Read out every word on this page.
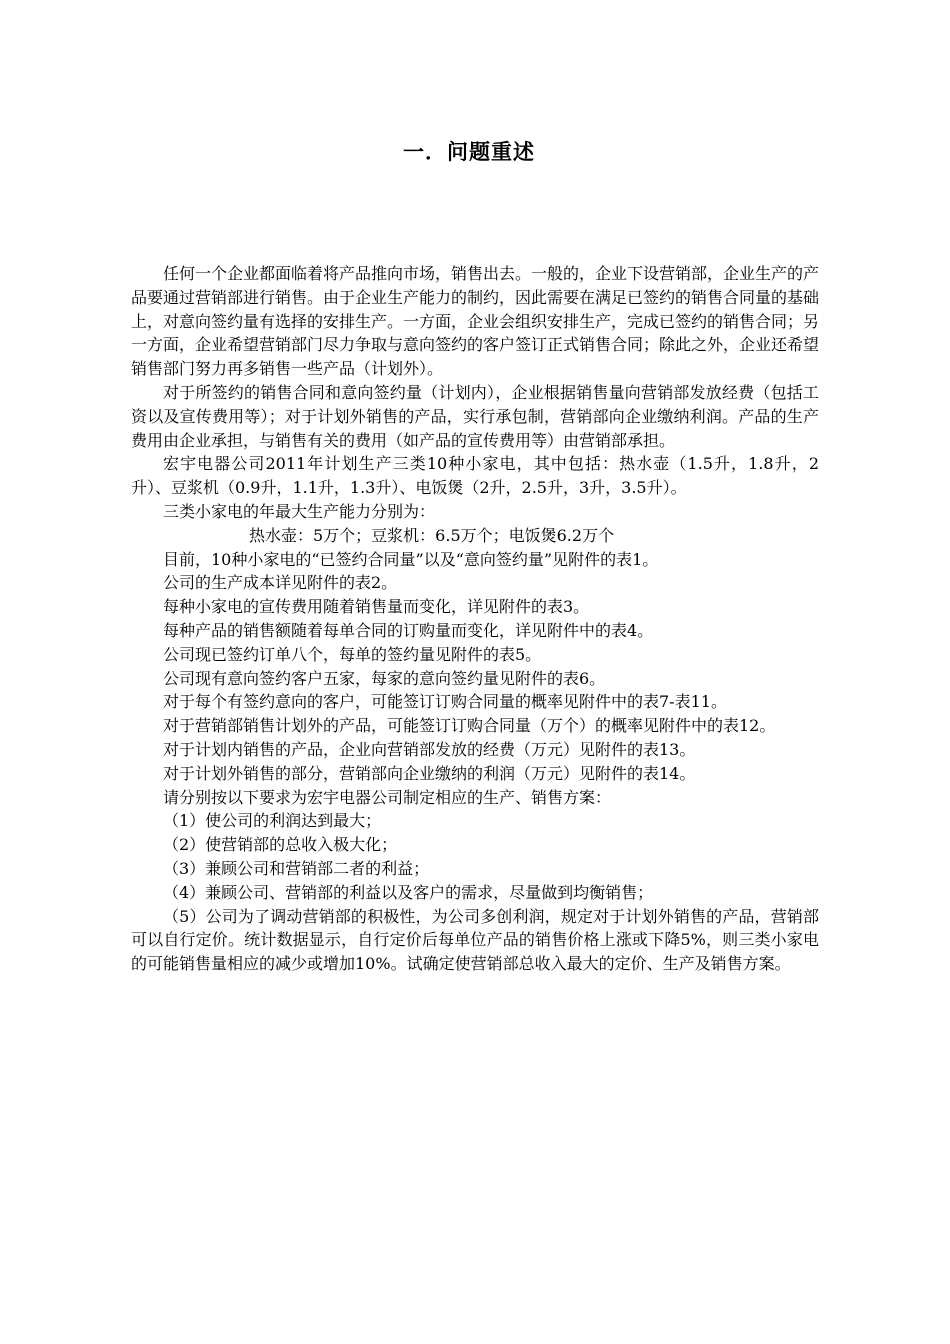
一．问题重述

任何一个企业都面临着将产品推向市场，销售出去。一般的，企业下设营销部，企业生产的产品要通过营销部进行销售。由于企业生产能力的制约，因此需要在满足已签约的销售合同量的基础上，对意向签约量有选择的安排生产。一方面，企业会组织安排生产，完成已签约的销售合同；另一方面，企业希望营销部门尽力争取与意向签约的客户签订正式销售合同；除此之外，企业还希望销售部门努力再多销售一些产品（计划外）。

对于所签约的销售合同和意向签约量（计划内），企业根据销售量向营销部发放经费（包括工资以及宣传费用等）；对于计划外销售的产品，实行承包制，营销部向企业缴纳利润。产品的生产费用由企业承担，与销售有关的费用（如产品的宣传费用等）由营销部承担。

宏宇电器公司2011年计划生产三类10种小家电，其中包括：热水壶（1.5升，1.8升，2升）、豆浆机（0.9升，1.1升，1.3升）、电饭煲（2升，2.5升，3升，3.5升）。

三类小家电的年最大生产能力分别为：

热水壶：5万个；豆浆机：6.5万个；电饭煲6.2万个

目前，10种小家电的“已签约合同量”以及“意向签约量”见附件的表1。

公司的生产成本详见附件的表2。

每种小家电的宣传费用随着销售量而变化，详见附件的表3。

每种产品的销售额随着每单合同的订购量而变化，详见附件中的表4。

公司现已签约订单八个，每单的签约量见附件的表5。

公司现有意向签约客户五家，每家的意向签约量见附件的表6。

对于每个有签约意向的客户，可能签订订购合同量的概率见附件中的表7-表11。

对于营销部销售计划外的产品，可能签订订购合同量（万个）的概率见附件中的表12。

对于计划内销售的产品，企业向营销部发放的经费（万元）见附件的表13。

对于计划外销售的部分，营销部向企业缴纳的利润（万元）见附件的表14。

请分别按以下要求为宏宇电器公司制定相应的生产、销售方案：

（1）使公司的利润达到最大；

（2）使营销部的总收入极大化；

（3）兼顾公司和营销部二者的利益；

（4）兼顾公司、营销部的利益以及客户的需求，尽量做到均衡销售；

（5）公司为了调动营销部的积极性，为公司多创利润，规定对于计划外销售的产品，营销部可以自行定价。统计数据显示，自行定价后每单位产品的销售价格上涨或下降5%，则三类小家电的可能销售量相应的减少或增加10%。试确定使营销部总收入最大的定价、生产及销售方案。
